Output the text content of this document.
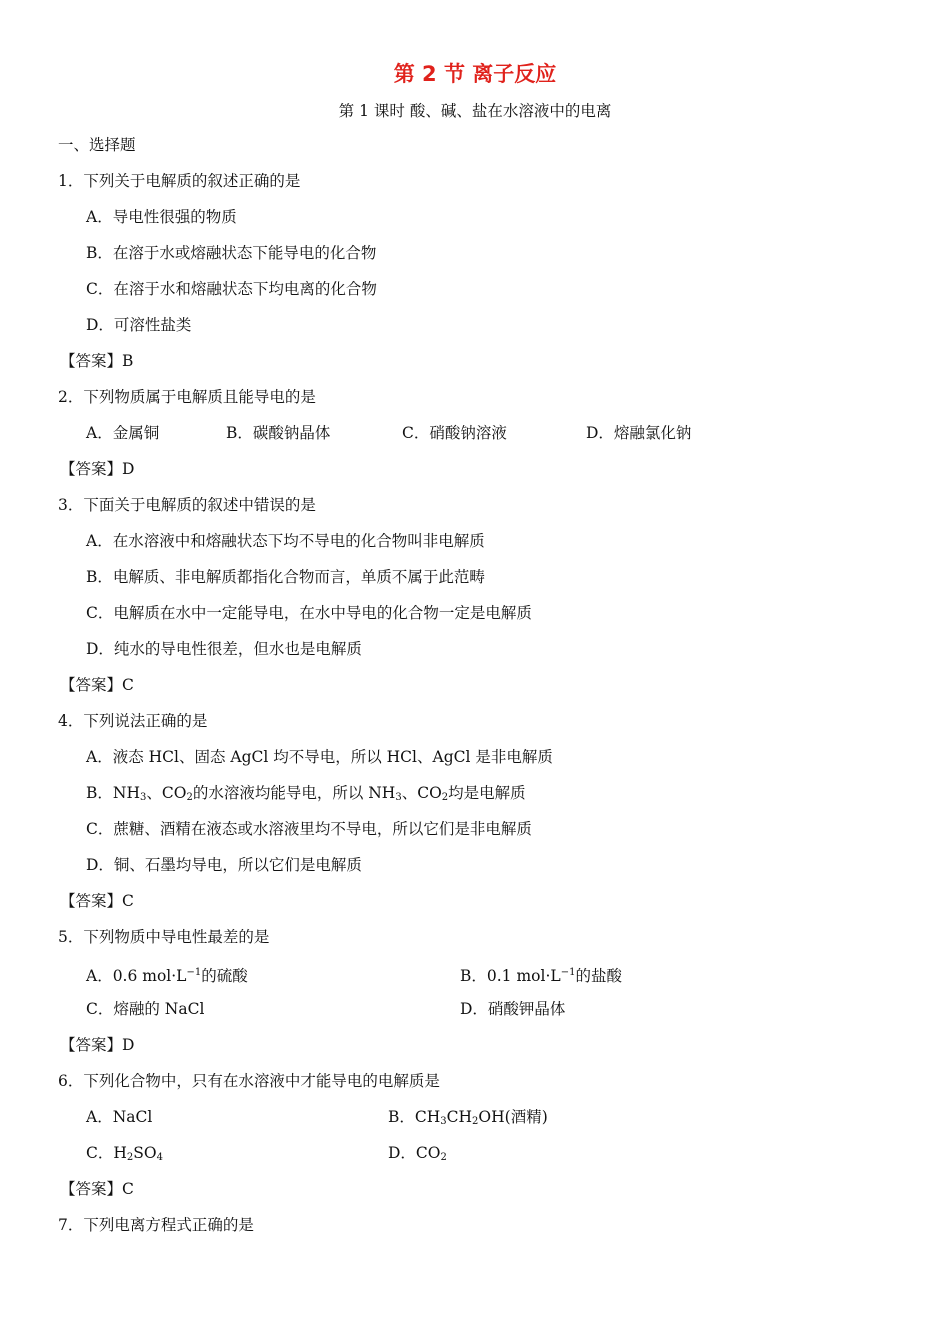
第 2 节 离子反应
第 1 课时 酸、碱、盐在水溶液中的电离
一、选择题
1．下列关于电解质的叙述正确的是
A．导电性很强的物质
B．在溶于水或熔融状态下能导电的化合物
C．在溶于水和熔融状态下均电离的化合物
D．可溶性盐类
【答案】B
2．下列物质属于电解质且能导电的是
A．金属铜	B．碳酸钠晶体	C．硝酸钠溶液	D．熔融氯化钠
【答案】D
3．下面关于电解质的叙述中错误的是
A．在水溶液中和熔融状态下均不导电的化合物叫非电解质
B．电解质、非电解质都指化合物而言，单质不属于此范畴
C．电解质在水中一定能导电，在水中导电的化合物一定是电解质
D．纯水的导电性很差，但水也是电解质
【答案】C
4．下列说法正确的是
A．液态 HCl、固态 AgCl 均不导电，所以 HCl、AgCl 是非电解质
B．$NH_3$、$CO_2$的水溶液均能导电，所以 $NH_3$、$CO_2$均是电解质
C．蔗糖、酒精在液态或水溶液里均不导电，所以它们是非电解质
D．铜、石墨均导电，所以它们是电解质
【答案】C
5．下列物质中导电性最差的是
A．0.6 $mol\cdot L^{-1}$的硫酸	B．0.1 $mol\cdot L^{-1}$的盐酸
C．熔融的 NaCl	D．硝酸钾晶体
【答案】D
6．下列化合物中，只有在水溶液中才能导电的电解质是
A．NaCl	B．$CH_3CH_2OH$(酒精)
C．$H_2SO_4$	D．$CO_2$
【答案】C
7．下列电离方程式正确的是
